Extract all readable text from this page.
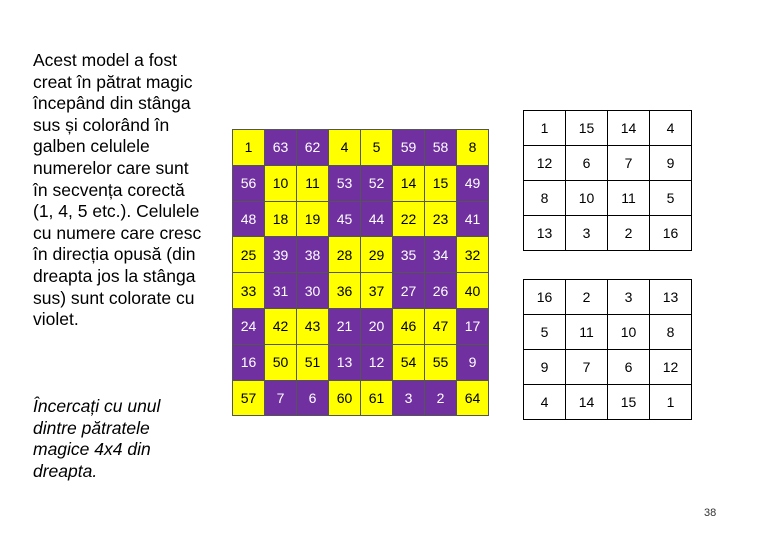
Acest model a fost creat în pătrat magic începând din stânga sus și colorând în galben celulele numerelor care sunt în secvența corectă (1, 4, 5 etc.). Celulele cu numere care cresc în direcția opusă (din dreapta jos la stânga sus) sunt colorate cu violet.

Încercați cu unul dintre pătratele magice 4x4 din dreapta.

1	63	62	4	5	59	58	8
56	10	11	53	52	14	15	49
48	18	19	45	44	22	23	41
25	39	38	28	29	35	34	32
33	31	30	36	37	27	26	40
24	42	43	21	20	46	47	17
16	50	51	13	12	54	55	9
57	7	6	60	61	3	2	64
1	15	14	4
12	6	7	9
8	10	11	5
13	3	2	16
16	2	3	13
5	11	10	8
9	7	6	12
4	14	15	1
38
